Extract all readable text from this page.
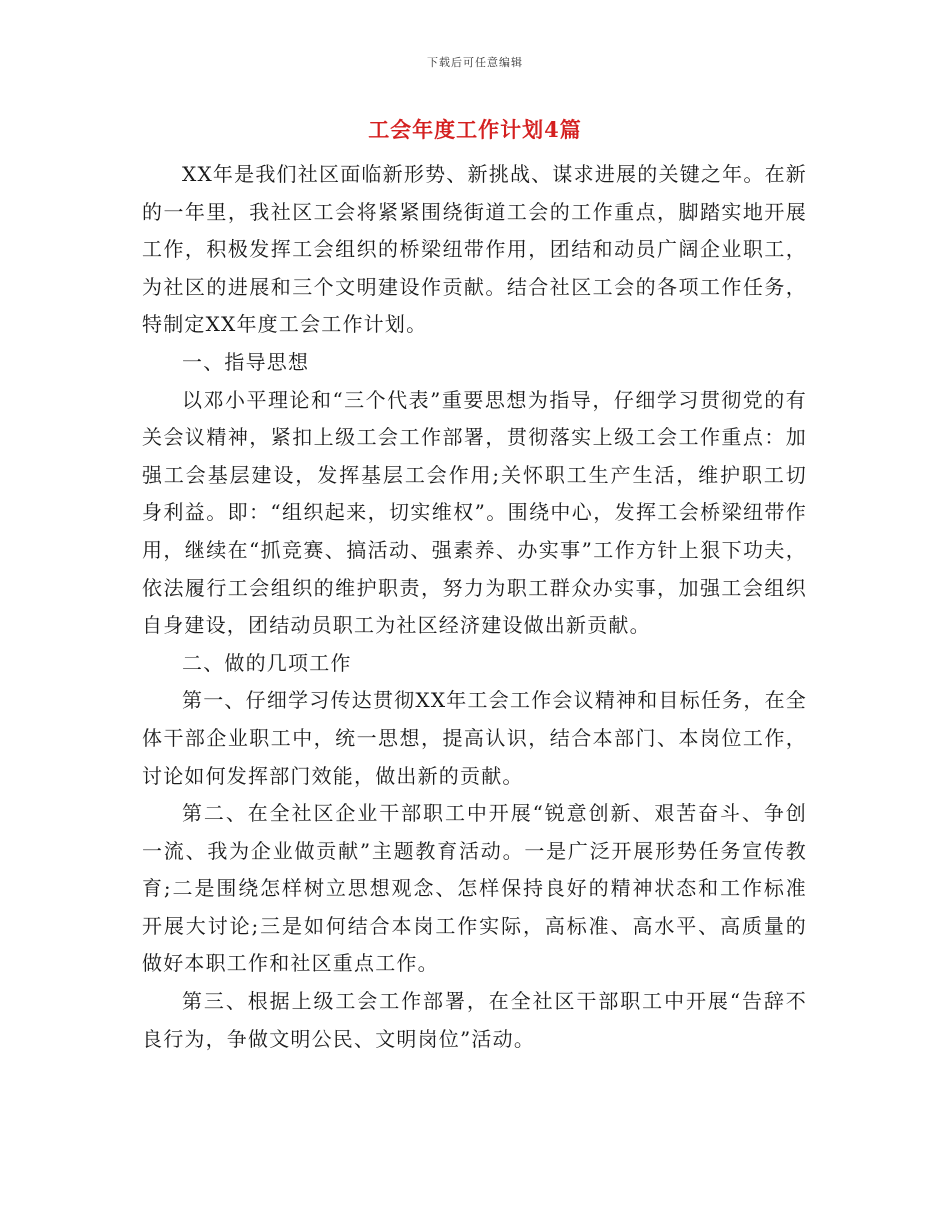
下载后可任意编辑
工会年度工作计划4篇

XX年是我们社区面临新形势、新挑战、谋求进展的关键之年。在新的一年里，我社区工会将紧紧围绕街道工会的工作重点，脚踏实地开展工作，积极发挥工会组织的桥梁纽带作用，团结和动员广阔企业职工，为社区的进展和三个文明建设作贡献。结合社区工会的各项工作任务，特制定XX年度工会工作计划。

一、指导思想

以邓小平理论和“三个代表”重要思想为指导，仔细学习贯彻党的有关会议精神，紧扣上级工会工作部署，贯彻落实上级工会工作重点：加强工会基层建设，发挥基层工会作用;关怀职工生产生活，维护职工切身利益。即：“组织起来，切实维权”。围绕中心，发挥工会桥梁纽带作用，继续在“抓竞赛、搞活动、强素养、办实事”工作方针上狠下功夫，依法履行工会组织的维护职责，努力为职工群众办实事，加强工会组织自身建设，团结动员职工为社区经济建设做出新贡献。

二、做的几项工作

第一、仔细学习传达贯彻XX年工会工作会议精神和目标任务，在全体干部企业职工中，统一思想，提高认识，结合本部门、本岗位工作，讨论如何发挥部门效能，做出新的贡献。

第二、在全社区企业干部职工中开展“锐意创新、艰苦奋斗、争创一流、我为企业做贡献”主题教育活动。一是广泛开展形势任务宣传教育;二是围绕怎样树立思想观念、怎样保持良好的精神状态和工作标准开展大讨论;三是如何结合本岗工作实际，高标准、高水平、高质量的做好本职工作和社区重点工作。

第三、根据上级工会工作部署，在全社区干部职工中开展“告辞不良行为，争做文明公民、文明岗位”活动。
